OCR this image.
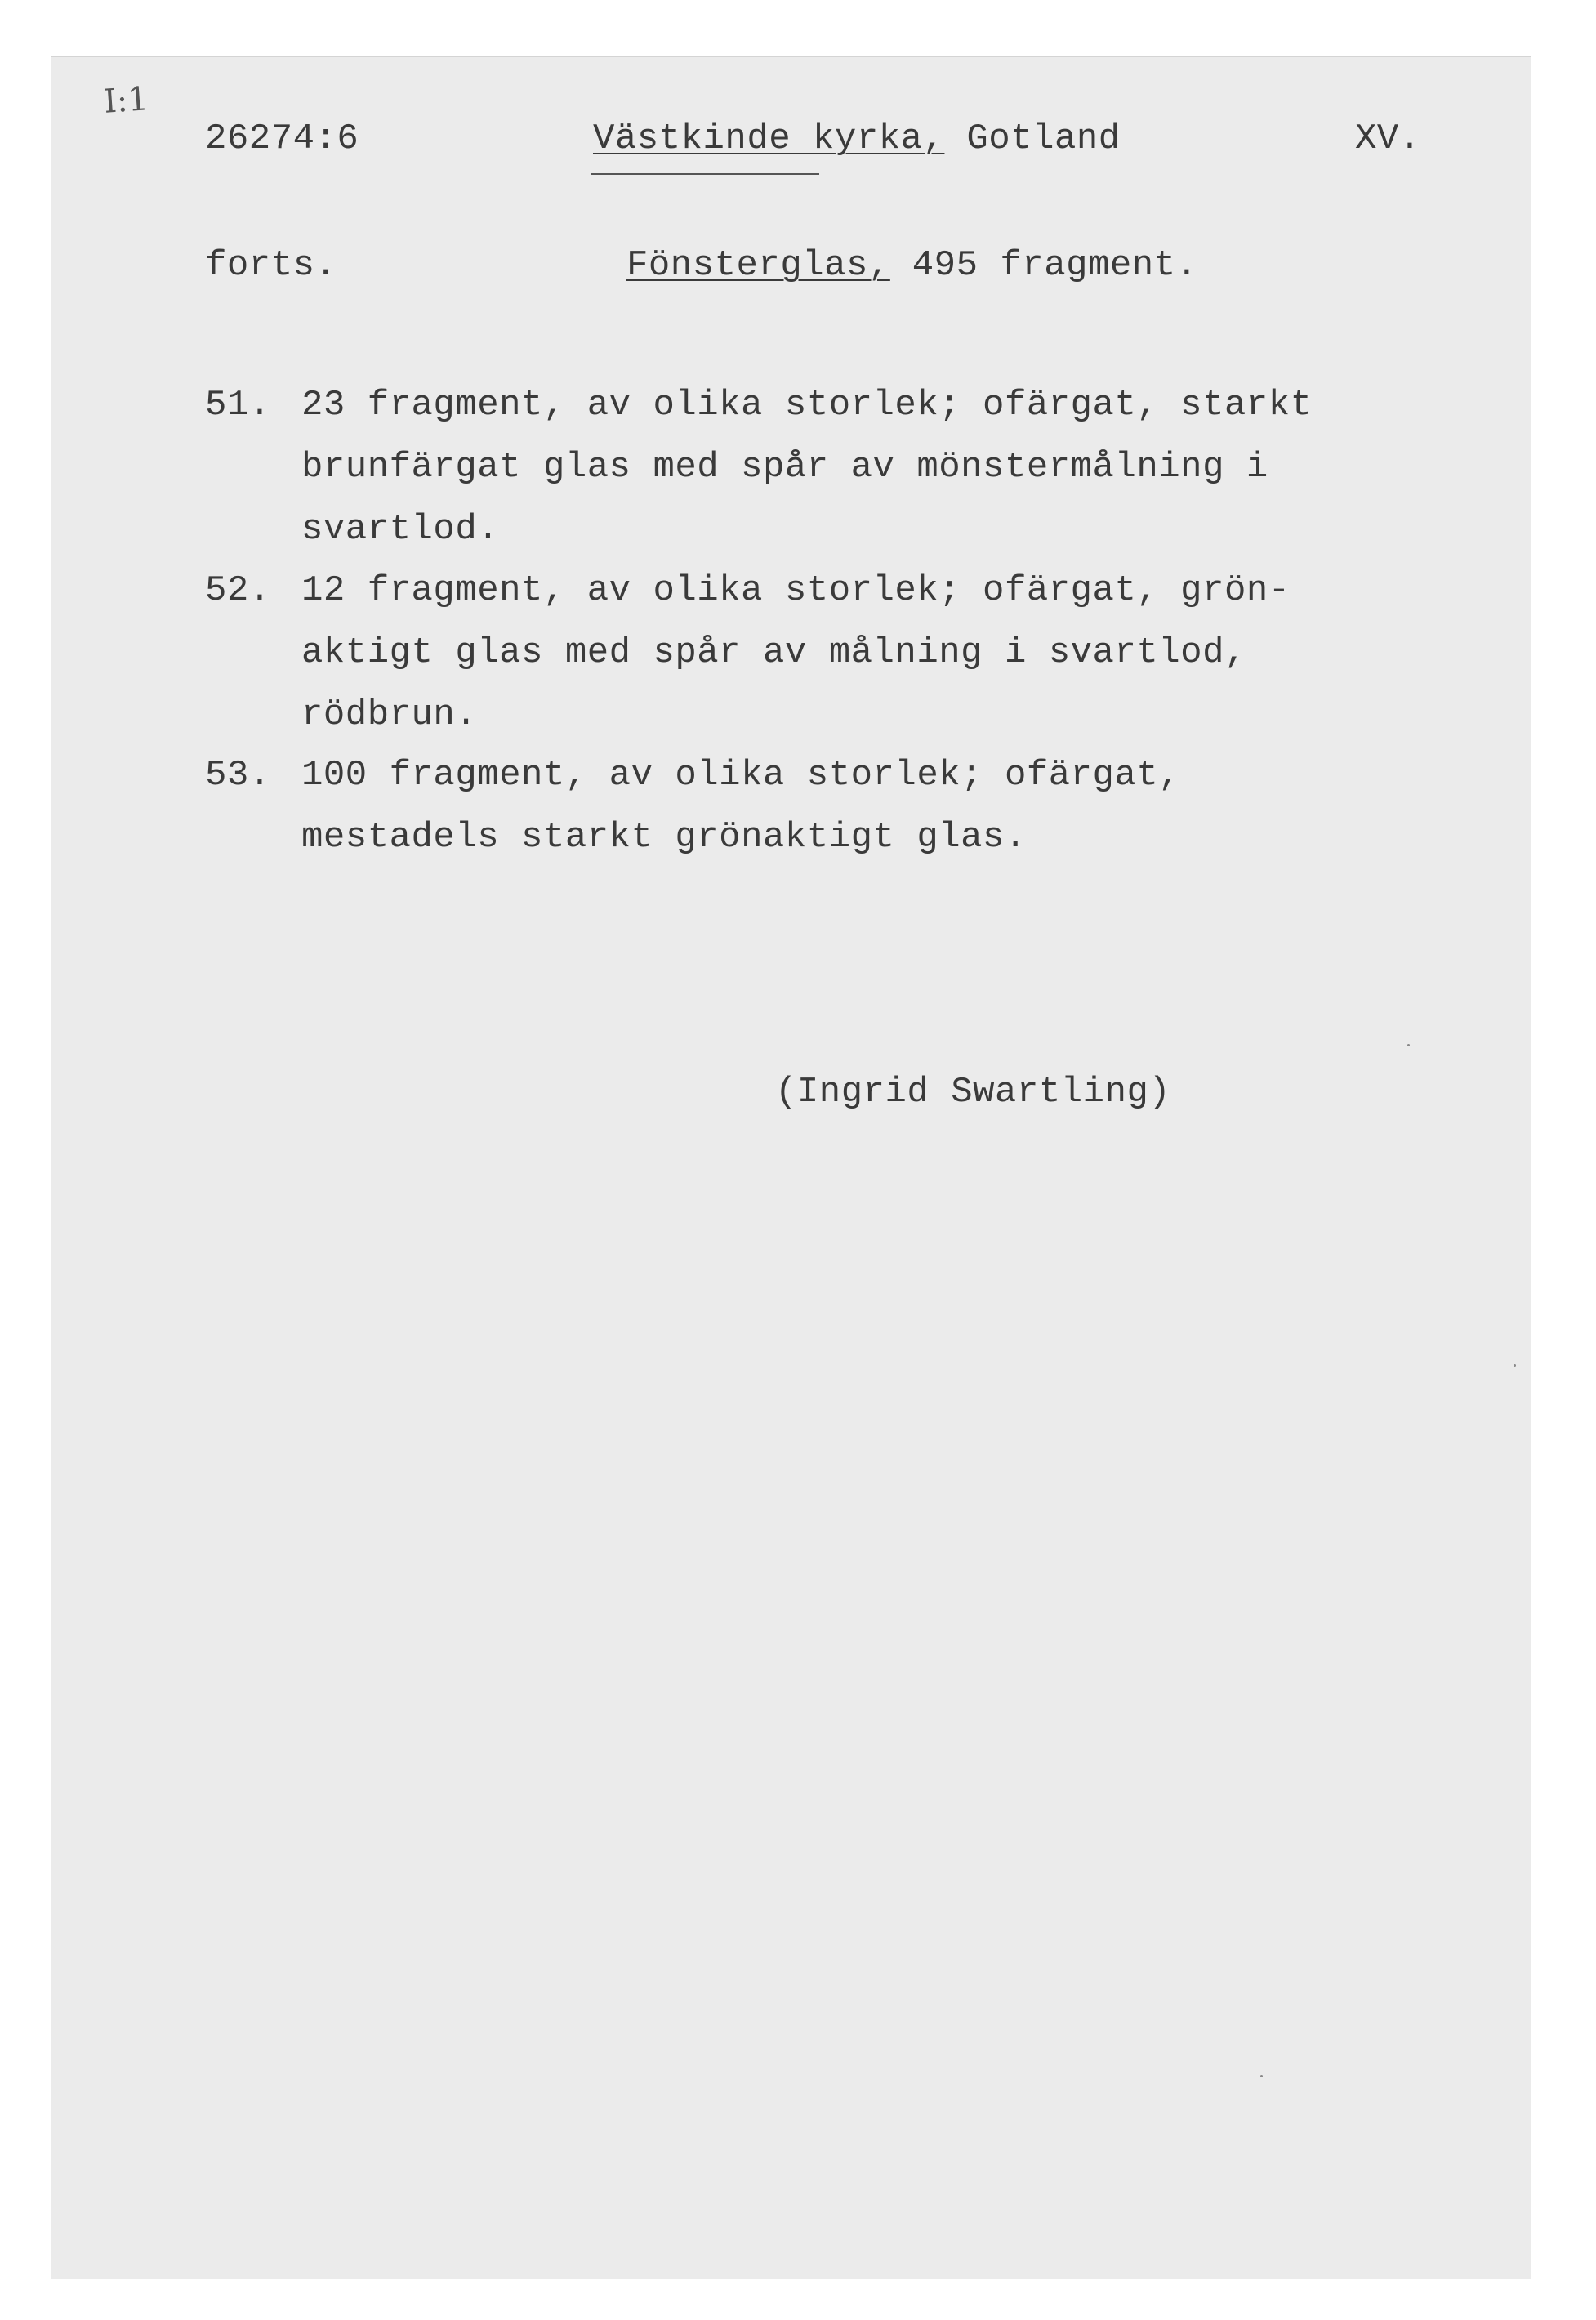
I:1
26274:6	Västkinde kyrka, Gotland	XV.
forts.	Fönsterglas, 495 fragment.
51. 23 fragment, av olika storlek; ofärgat, starkt
brunfärgat glas med spår av mönstermålning i
svartlod.
52. 12 fragment, av olika storlek; ofärgat, grön-
aktigt glas med spår av målning i svartlod,
rödbrun.
53. 100 fragment, av olika storlek; ofärgat,
mestadels starkt grönaktigt glas.
(Ingrid Swartling)
